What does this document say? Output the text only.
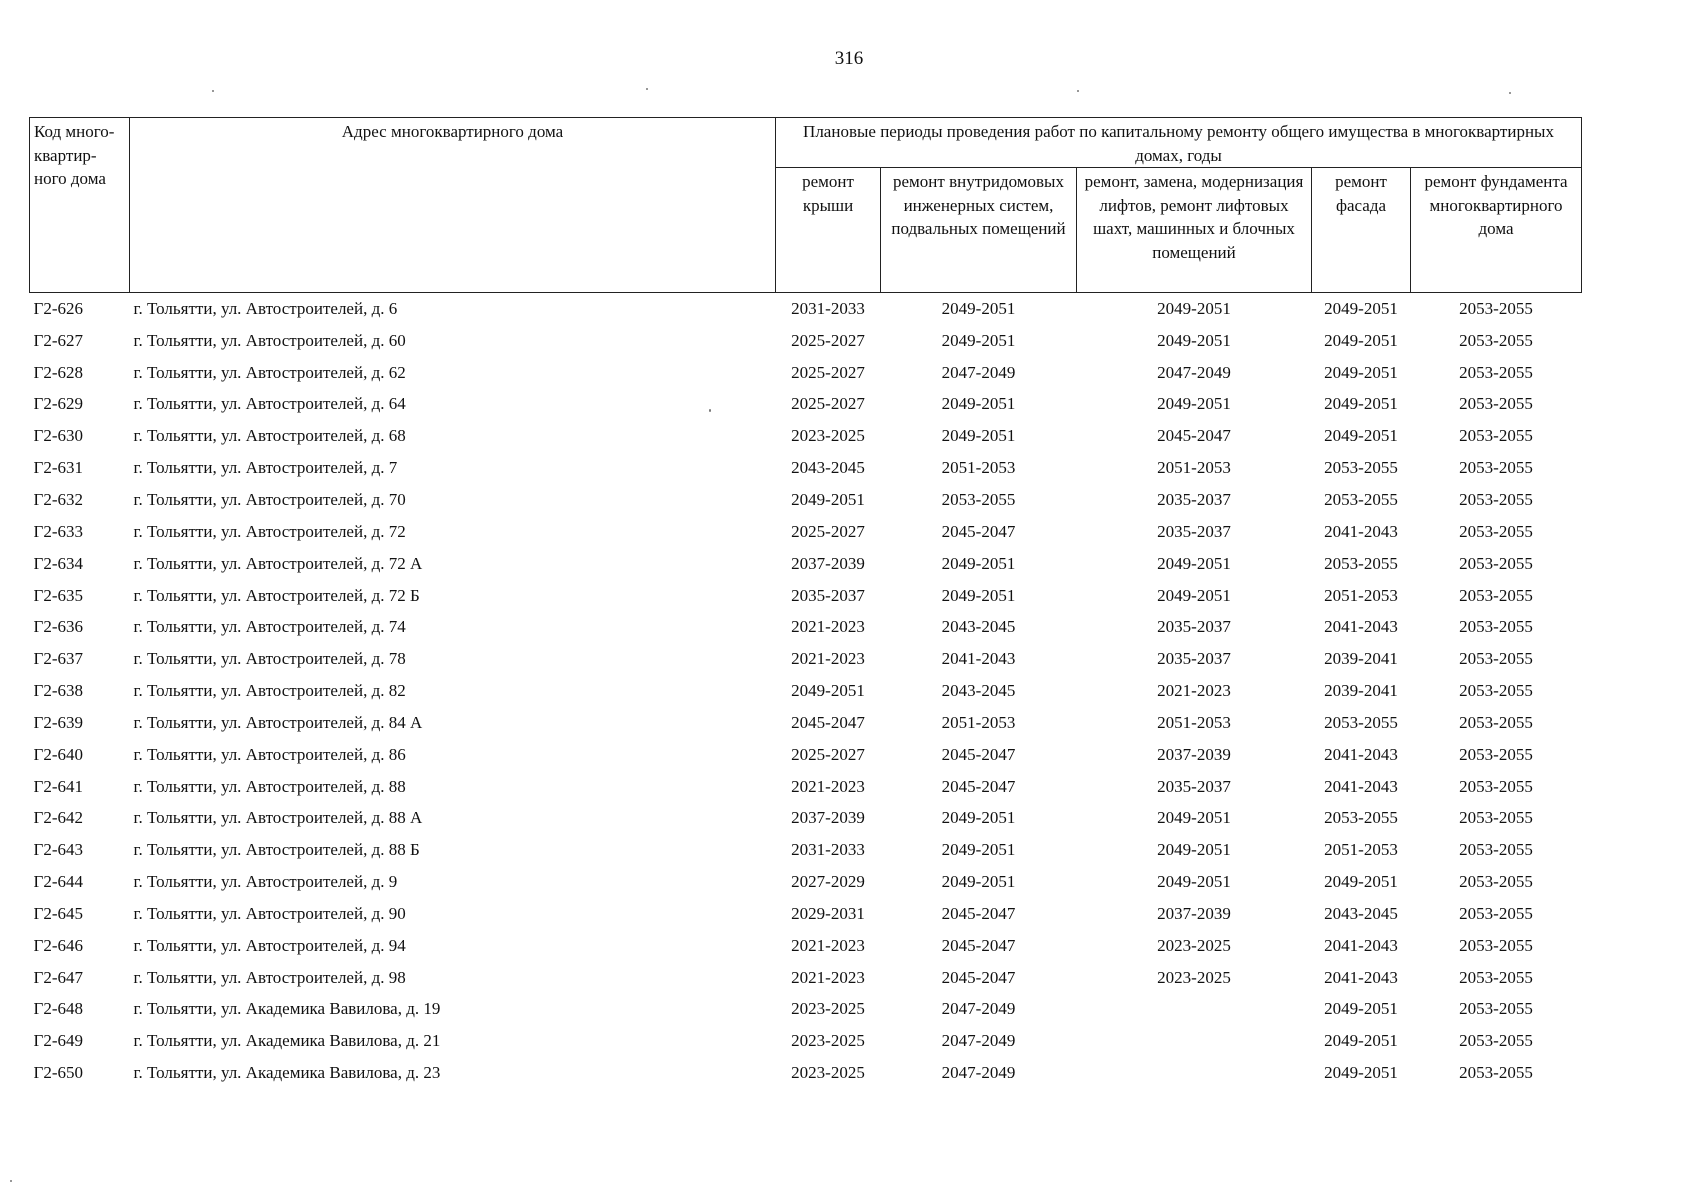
316
Код много-квартир-ного дома	Адрес многоквартирного дома	Плановые периоды проведения работ по капитальному ремонту общего имущества в многоквартирных домах, годы				
		ремонт крыши	ремонт внутридомовых инженерных систем, подвальных помещений	ремонт, замена, модернизация лифтов, ремонт лифтовых шахт, машинных и блочных помещений	ремонт фасада	ремонт фундамента многоквартирного дома
Г2-626	г. Тольятти, ул. Автостроителей, д. 6	2031-2033	2049-2051	2049-2051	2049-2051	2053-2055
Г2-627	г. Тольятти, ул. Автостроителей, д. 60	2025-2027	2049-2051	2049-2051	2049-2051	2053-2055
Г2-628	г. Тольятти, ул. Автостроителей, д. 62	2025-2027	2047-2049	2047-2049	2049-2051	2053-2055
Г2-629	г. Тольятти, ул. Автостроителей, д. 64	2025-2027	2049-2051	2049-2051	2049-2051	2053-2055
Г2-630	г. Тольятти, ул. Автостроителей, д. 68	2023-2025	2049-2051	2045-2047	2049-2051	2053-2055
Г2-631	г. Тольятти, ул. Автостроителей, д. 7	2043-2045	2051-2053	2051-2053	2053-2055	2053-2055
Г2-632	г. Тольятти, ул. Автостроителей, д. 70	2049-2051	2053-2055	2035-2037	2053-2055	2053-2055
Г2-633	г. Тольятти, ул. Автостроителей, д. 72	2025-2027	2045-2047	2035-2037	2041-2043	2053-2055
Г2-634	г. Тольятти, ул. Автостроителей, д. 72 А	2037-2039	2049-2051	2049-2051	2053-2055	2053-2055
Г2-635	г. Тольятти, ул. Автостроителей, д. 72 Б	2035-2037	2049-2051	2049-2051	2051-2053	2053-2055
Г2-636	г. Тольятти, ул. Автостроителей, д. 74	2021-2023	2043-2045	2035-2037	2041-2043	2053-2055
Г2-637	г. Тольятти, ул. Автостроителей, д. 78	2021-2023	2041-2043	2035-2037	2039-2041	2053-2055
Г2-638	г. Тольятти, ул. Автостроителей, д. 82	2049-2051	2043-2045	2021-2023	2039-2041	2053-2055
Г2-639	г. Тольятти, ул. Автостроителей, д. 84 А	2045-2047	2051-2053	2051-2053	2053-2055	2053-2055
Г2-640	г. Тольятти, ул. Автостроителей, д. 86	2025-2027	2045-2047	2037-2039	2041-2043	2053-2055
Г2-641	г. Тольятти, ул. Автостроителей, д. 88	2021-2023	2045-2047	2035-2037	2041-2043	2053-2055
Г2-642	г. Тольятти, ул. Автостроителей, д. 88 А	2037-2039	2049-2051	2049-2051	2053-2055	2053-2055
Г2-643	г. Тольятти, ул. Автостроителей, д. 88 Б	2031-2033	2049-2051	2049-2051	2051-2053	2053-2055
Г2-644	г. Тольятти, ул. Автостроителей, д. 9	2027-2029	2049-2051	2049-2051	2049-2051	2053-2055
Г2-645	г. Тольятти, ул. Автостроителей, д. 90	2029-2031	2045-2047	2037-2039	2043-2045	2053-2055
Г2-646	г. Тольятти, ул. Автостроителей, д. 94	2021-2023	2045-2047	2023-2025	2041-2043	2053-2055
Г2-647	г. Тольятти, ул. Автостроителей, д. 98	2021-2023	2045-2047	2023-2025	2041-2043	2053-2055
Г2-648	г. Тольятти, ул. Академика Вавилова, д. 19	2023-2025	2047-2049		2049-2051	2053-2055
Г2-649	г. Тольятти, ул. Академика Вавилова, д. 21	2023-2025	2047-2049		2049-2051	2053-2055
Г2-650	г. Тольятти, ул. Академика Вавилова, д. 23	2023-2025	2047-2049		2049-2051	2053-2055
